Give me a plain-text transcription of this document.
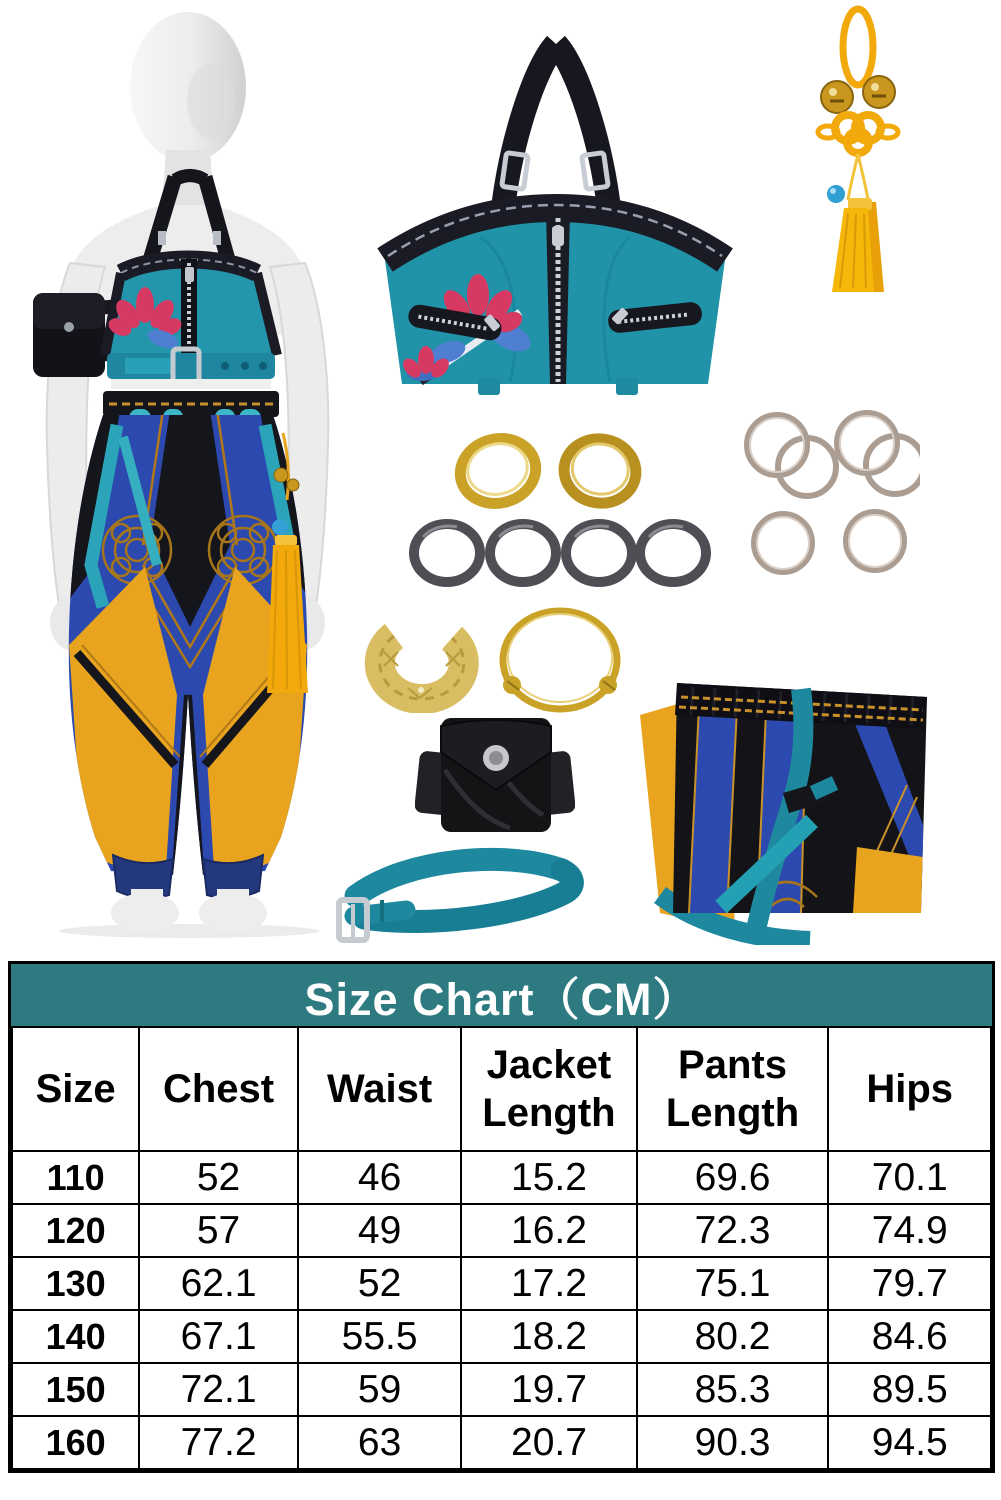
Size Chart（CM）
Size	Chest	Waist	Jacket Length	Pants Length	Hips
110	52	46	15.2	69.6	70.1
120	57	49	16.2	72.3	74.9
130	62.1	52	17.2	75.1	79.7
140	67.1	55.5	18.2	80.2	84.6
150	72.1	59	19.7	85.3	89.5
160	77.2	63	20.7	90.3	94.5
